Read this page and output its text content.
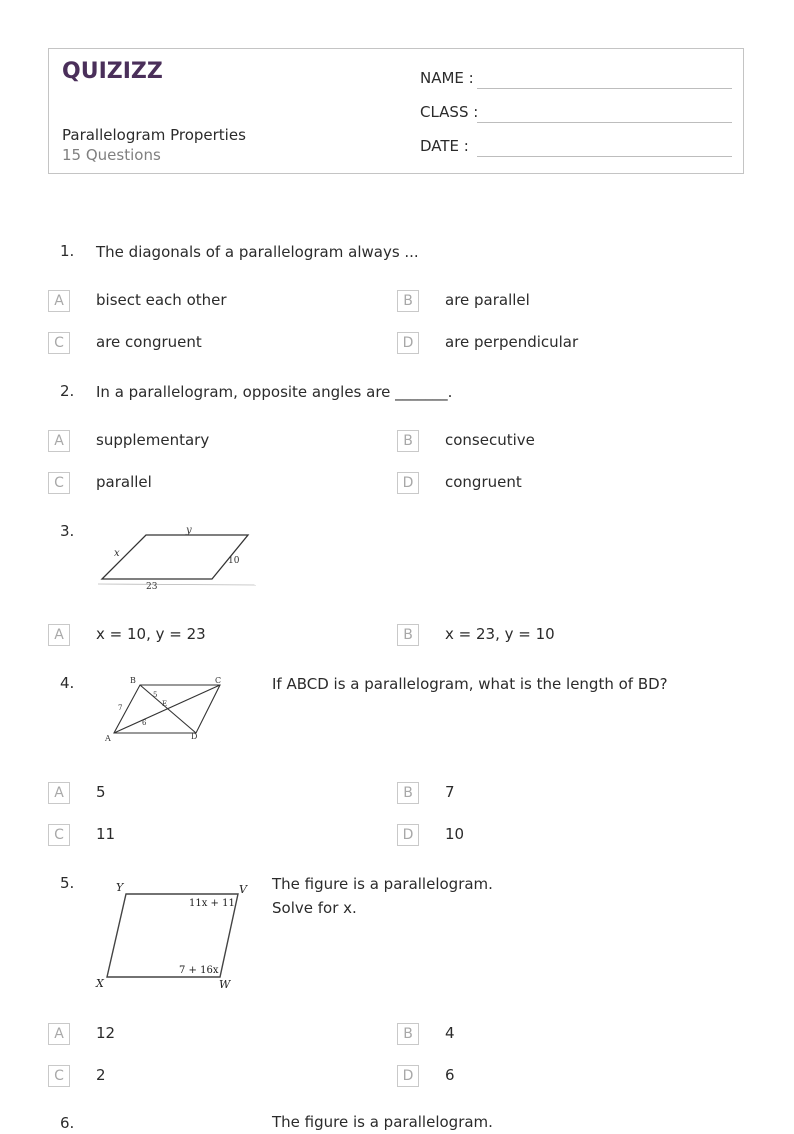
QUIZIZZ
Parallelogram Properties
15 Questions
NAME :
CLASS :
DATE :
1. The diagonals of a parallelogram always ...
A	bisect each other	B	are parallel
C	are congruent	D	are perpendicular
2. In a parallelogram, opposite angles are _______.
A	supplementary	B	consecutive
C	parallel	D	congruent
3.	y
x
10
23
A	x = 10, y = 23	B	x = 23, y = 10
4.	B	C
A	D
E
5
7
6
If ABCD is a parallelogram, what is the length of BD?
A	5	B	7
C	11	D	10
5.	Y	V
X	W
11x + 11
7 + 16x
The figure is a parallelogram.
Solve for x.
A	12	B	4
C	2	D	6
6.	The figure is a parallelogram.
